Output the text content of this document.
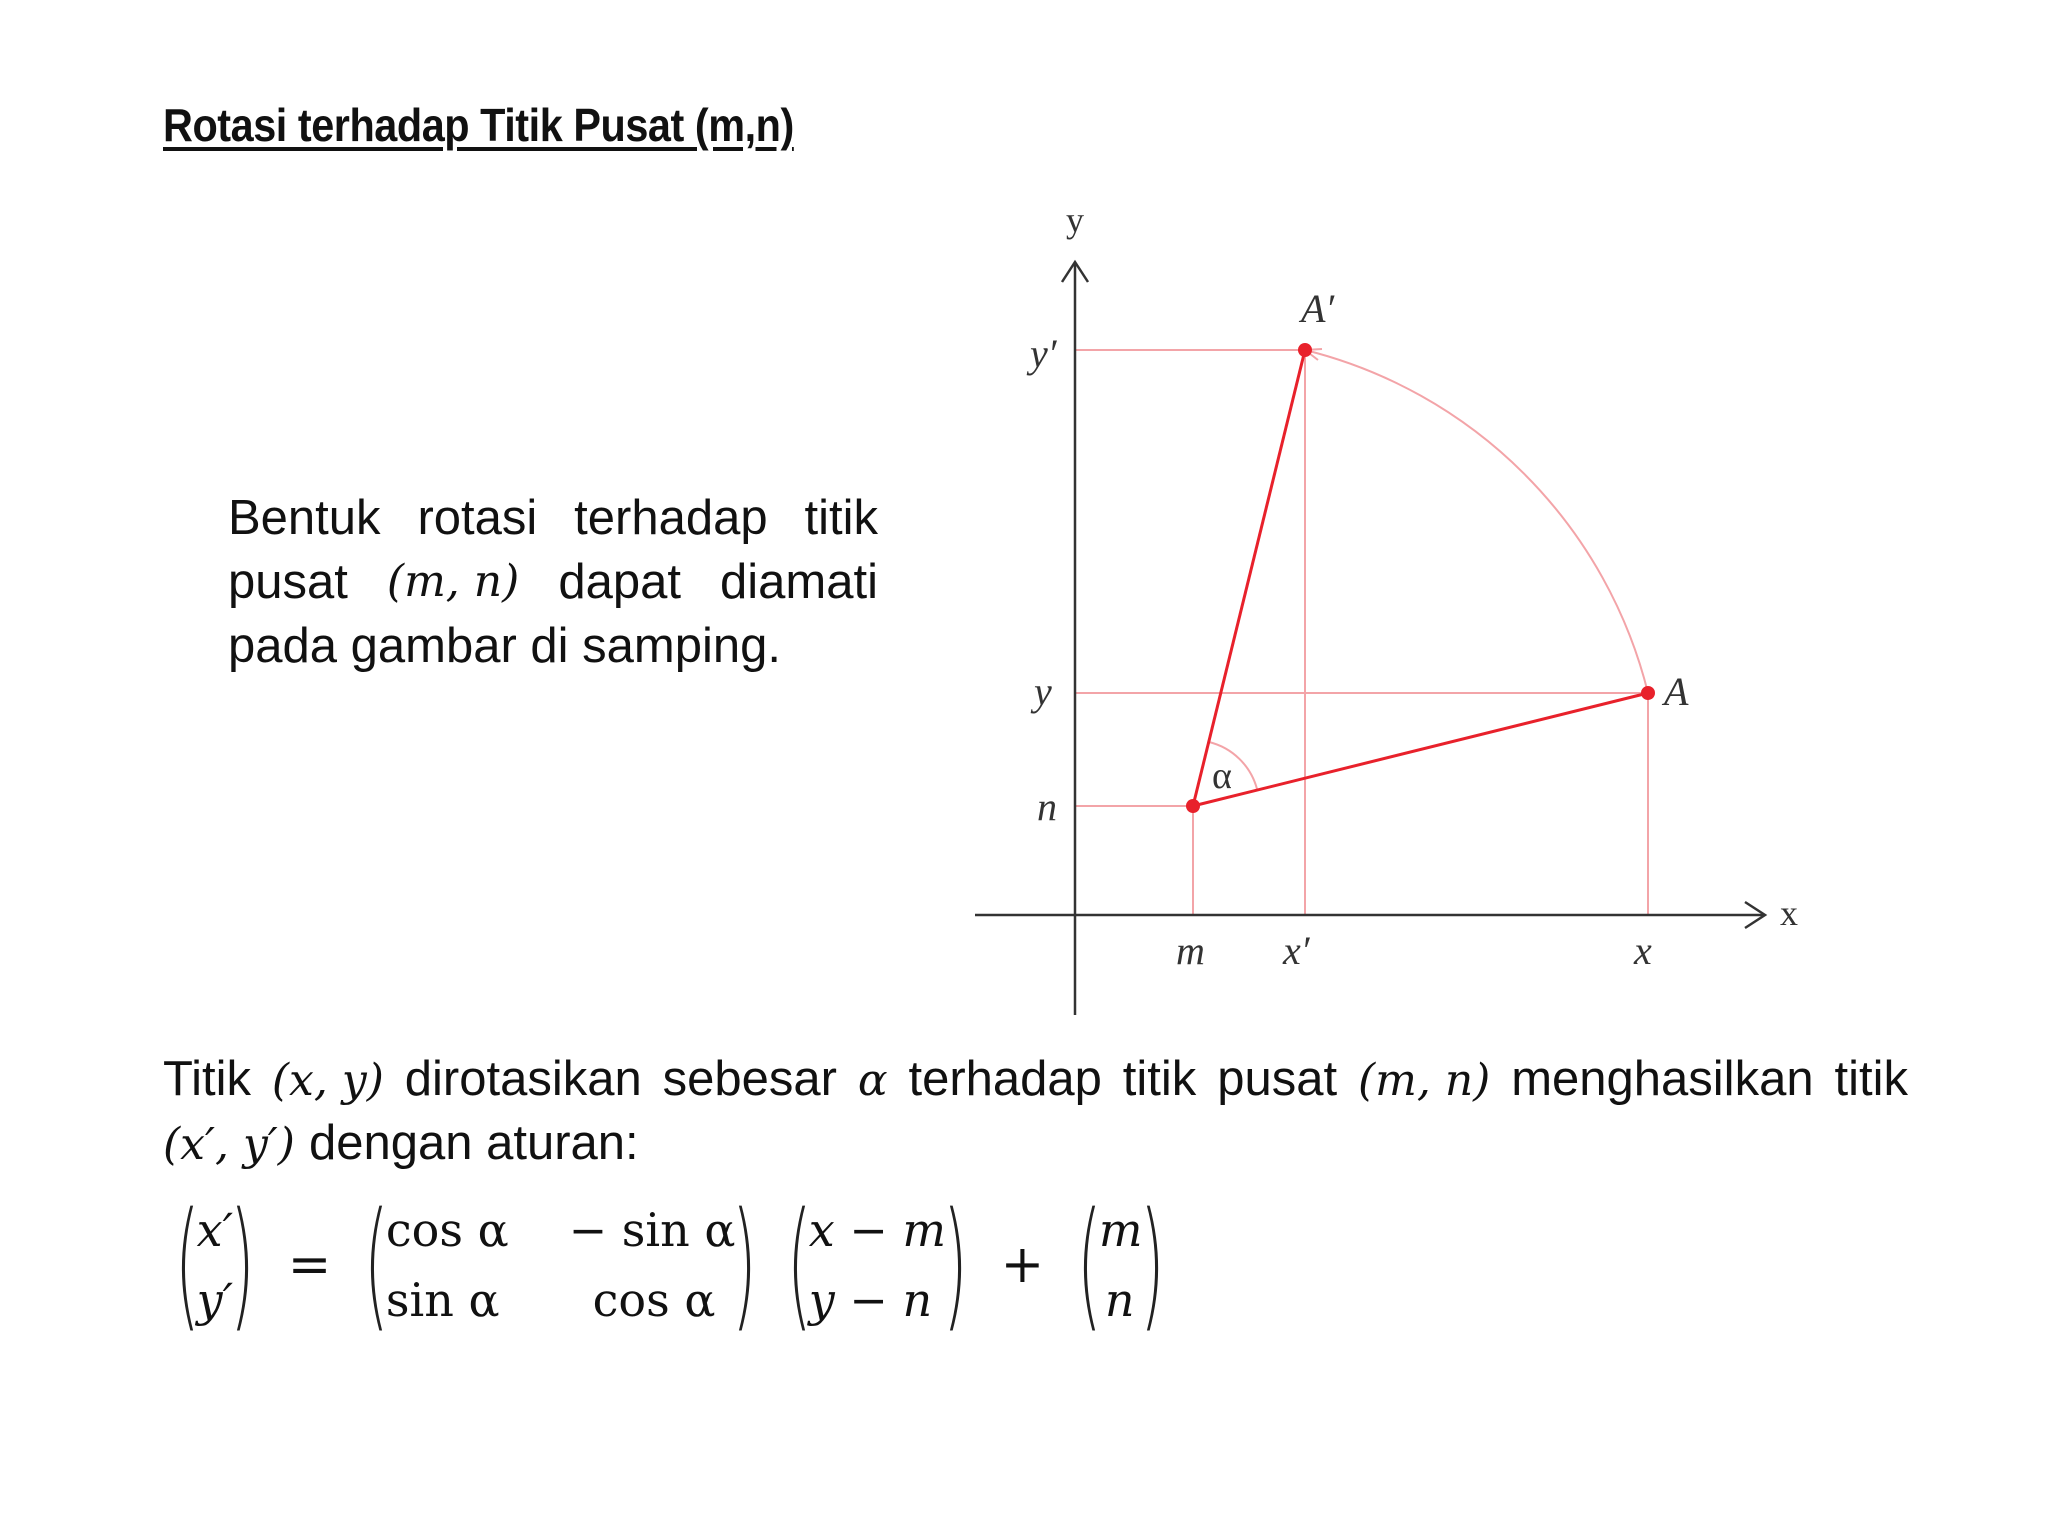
Rotasi terhadap Titik Pusat (m,n)
Bentuk rotasi terhadap titik
pusat (m, n) dapat diamati
pada gambar di samping.
y
x
y′
y
n
m x′	x
A′
A
α
Titik (x, y) dirotasikan sebesar α terhadap titik pusat (m, n) menghasilkan titik
(x′, y′) dengan aturan:
(
x′
y′
) = (
cos α − sin α
sin α	cos α ) (
x − m
y − n ) + (
m
n )
